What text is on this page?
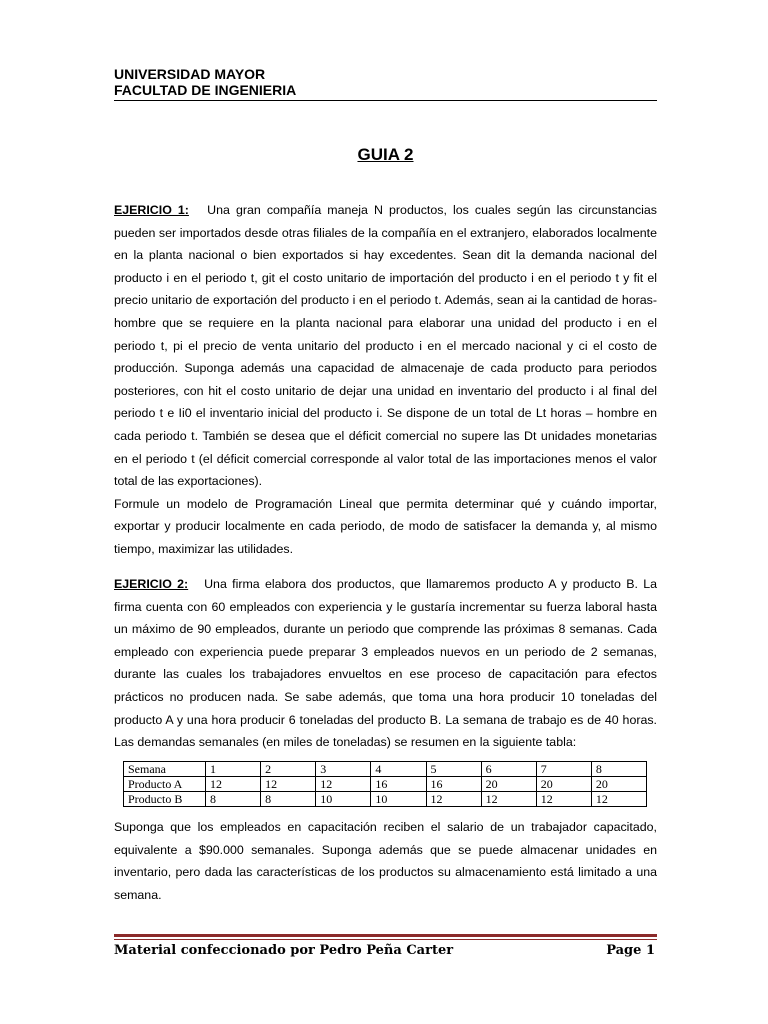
UNIVERSIDAD MAYOR
FACULTAD DE INGENIERIA
GUIA 2
EJERICIO 1: Una gran compañía maneja N productos, los cuales según las circunstancias pueden ser importados desde otras filiales de la compañía en el extranjero, elaborados localmente en la planta nacional o bien exportados si hay excedentes. Sean dit la demanda nacional del producto i en el periodo t, git el costo unitario de importación del producto i en el periodo t y fit el precio unitario de exportación del producto i en el periodo t. Además, sean ai la cantidad de horas-hombre que se requiere en la planta nacional para elaborar una unidad del producto i en el periodo t, pi el precio de venta unitario del producto i en el mercado nacional y ci el costo de producción. Suponga además una capacidad de almacenaje de cada producto para periodos posteriores, con hit el costo unitario de dejar una unidad en inventario del producto i al final del periodo t e Ii0 el inventario inicial del producto i. Se dispone de un total de Lt horas – hombre en cada periodo t. También se desea que el déficit comercial no supere las Dt unidades monetarias en el periodo t (el déficit comercial corresponde al valor total de las importaciones menos el valor total de las exportaciones).
Formule un modelo de Programación Lineal que permita determinar qué y cuándo importar, exportar y producir localmente en cada periodo, de modo de satisfacer la demanda y, al mismo tiempo, maximizar las utilidades.
EJERICIO 2: Una firma elabora dos productos, que llamaremos producto A y producto B. La firma cuenta con 60 empleados con experiencia y le gustaría incrementar su fuerza laboral hasta un máximo de 90 empleados, durante un periodo que comprende las próximas 8 semanas. Cada empleado con experiencia puede preparar 3 empleados nuevos en un periodo de 2 semanas, durante las cuales los trabajadores envueltos en ese proceso de capacitación para efectos prácticos no producen nada. Se sabe además, que toma una hora producir 10 toneladas del producto A y una hora producir 6 toneladas del producto B. La semana de trabajo es de 40 horas. Las demandas semanales (en miles de toneladas) se resumen en la siguiente tabla:
Semana	1	2	3	4	5	6	7	8
Producto A	12	12	12	16	16	20	20	20
Producto B	8	8	10	10	12	12	12	12
Suponga que los empleados en capacitación reciben el salario de un trabajador capacitado, equivalente a $90.000 semanales. Suponga además que se puede almacenar unidades en inventario, pero dada las características de los productos su almacenamiento está limitado a una semana.
Material confeccionado por Pedro Peña Carter	Page 1
